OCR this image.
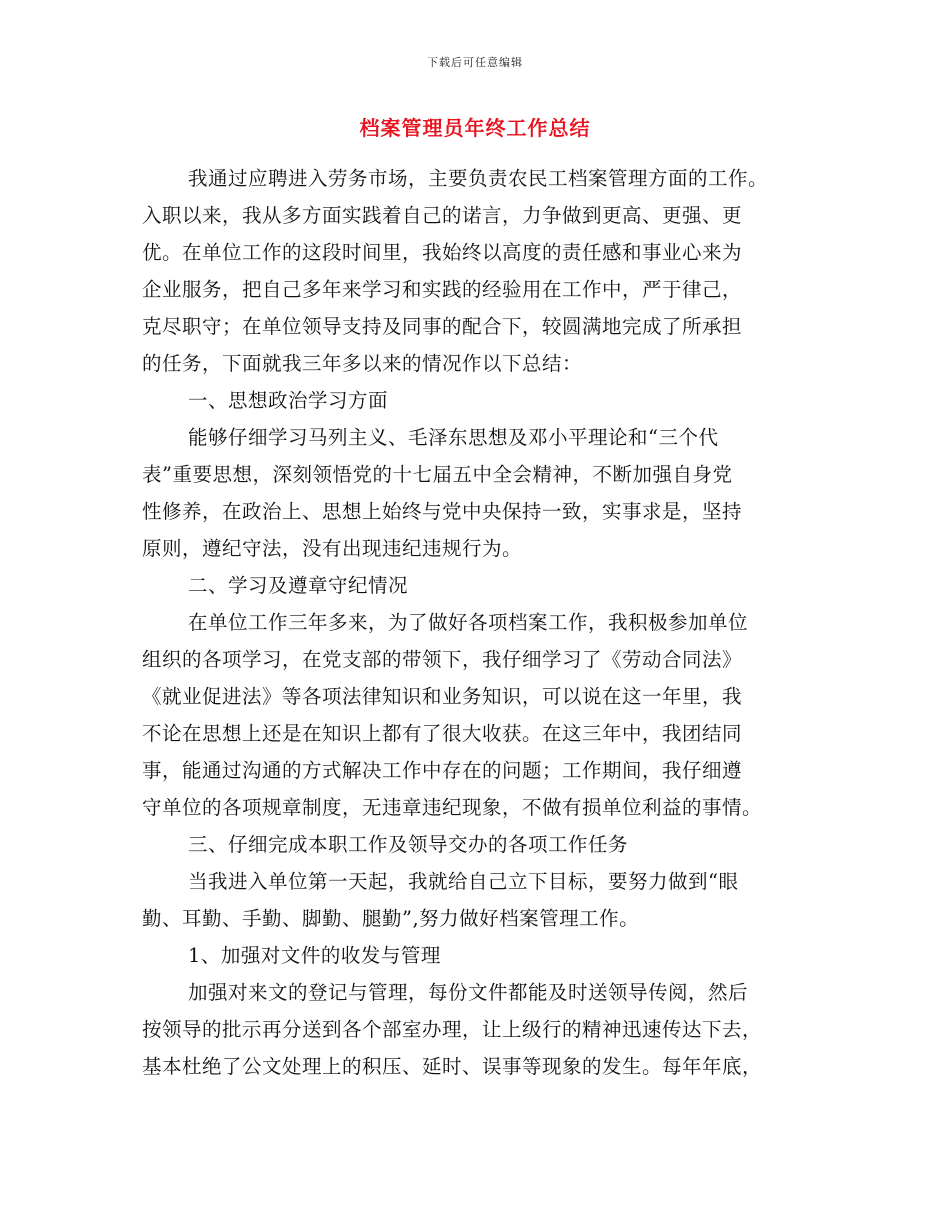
下载后可任意编辑
档案管理员年终工作总结
我通过应聘进入劳务市场，主要负责农民工档案管理方面的工作。
入职以来，我从多方面实践着自己的诺言，力争做到更高、更强、更
优。在单位工作的这段时间里，我始终以高度的责任感和事业心来为
企业服务，把自己多年来学习和实践的经验用在工作中，严于律己，
克尽职守；在单位领导支持及同事的配合下，较圆满地完成了所承担
的任务，下面就我三年多以来的情况作以下总结：
一、思想政治学习方面
能够仔细学习马列主义、毛泽东思想及邓小平理论和“三个代
表”重要思想，深刻领悟党的十七届五中全会精神，不断加强自身党
性修养，在政治上、思想上始终与党中央保持一致，实事求是，坚持
原则，遵纪守法，没有出现违纪违规行为。
二、学习及遵章守纪情况
在单位工作三年多来，为了做好各项档案工作，我积极参加单位
组织的各项学习，在党支部的带领下，我仔细学习了《劳动合同法》
《就业促进法》等各项法律知识和业务知识，可以说在这一年里，我
不论在思想上还是在知识上都有了很大收获。在这三年中，我团结同
事，能通过沟通的方式解决工作中存在的问题；工作期间，我仔细遵
守单位的各项规章制度，无违章违纪现象，不做有损单位利益的事情。
三、仔细完成本职工作及领导交办的各项工作任务
当我进入单位第一天起，我就给自己立下目标，要努力做到“眼
勤、耳勤、手勤、脚勤、腿勤”,努力做好档案管理工作。
1、加强对文件的收发与管理
加强对来文的登记与管理，每份文件都能及时送领导传阅，然后
按领导的批示再分送到各个部室办理，让上级行的精神迅速传达下去，
基本杜绝了公文处理上的积压、延时、误事等现象的发生。每年年底，
